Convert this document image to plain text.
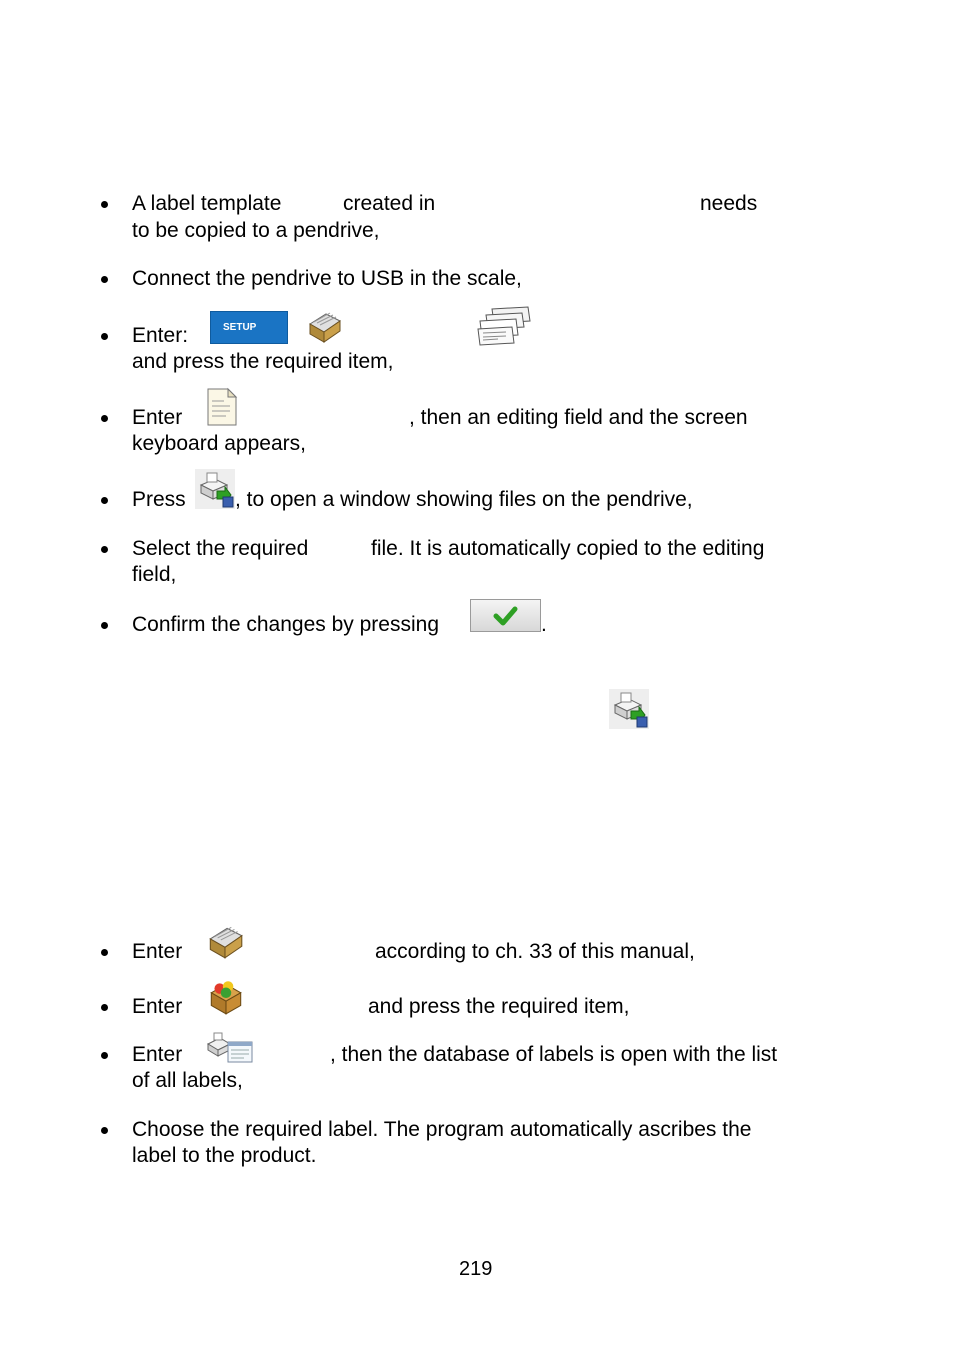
A label template	created in	needs
to be copied to a pendrive,
Connect the pendrive to USB in the scale,
Enter:	SETUP
and press the required item,
Enter	, then an editing field and the screen
keyboard appears,
Press , to open a window showing files on the pendrive,
Select the required	file. It is automatically copied to the editing
field,
Confirm the changes by pressing	.
Enter	according to ch. 33 of this manual,
Enter	and press the required item,
Enter	, then the database of labels is open with the list
of all labels,
Choose the required label. The program automatically ascribes the
label to the product.
219
